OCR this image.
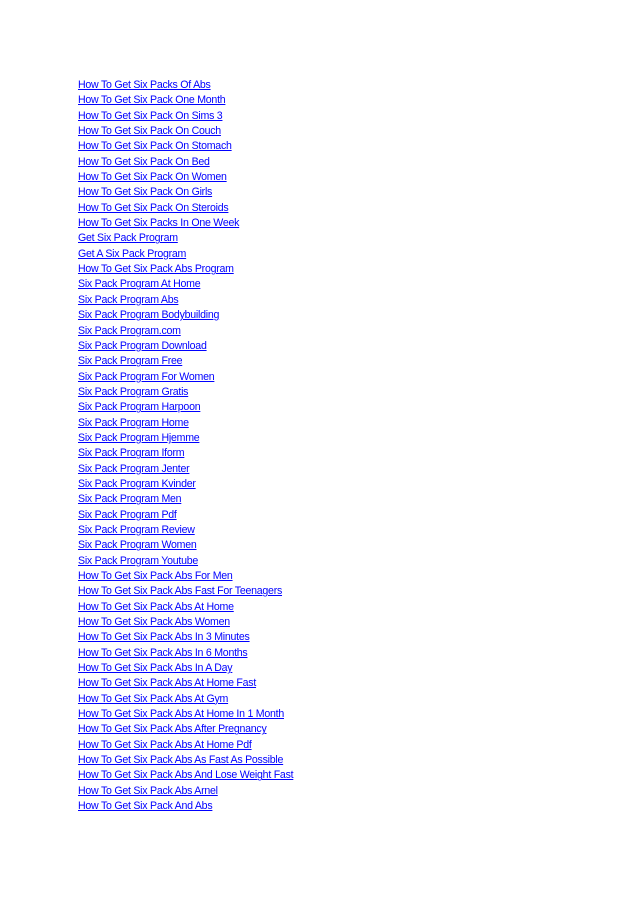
How To Get Six Packs Of Abs
How To Get Six Pack One Month
How To Get Six Pack On Sims 3
How To Get Six Pack On Couch
How To Get Six Pack On Stomach
How To Get Six Pack On Bed
How To Get Six Pack On Women
How To Get Six Pack On Girls
How To Get Six Pack On Steroids
How To Get Six Packs In One Week
Get Six Pack Program
Get A Six Pack Program
How To Get Six Pack Abs Program
Six Pack Program At Home
Six Pack Program Abs
Six Pack Program Bodybuilding
Six Pack Program.com
Six Pack Program Download
Six Pack Program Free
Six Pack Program For Women
Six Pack Program Gratis
Six Pack Program Harpoon
Six Pack Program Home
Six Pack Program Hjemme
Six Pack Program Iform
Six Pack Program Jenter
Six Pack Program Kvinder
Six Pack Program Men
Six Pack Program Pdf
Six Pack Program Review
Six Pack Program Women
Six Pack Program Youtube
How To Get Six Pack Abs For Men
How To Get Six Pack Abs Fast For Teenagers
How To Get Six Pack Abs At Home
How To Get Six Pack Abs Women
How To Get Six Pack Abs In 3 Minutes
How To Get Six Pack Abs In 6 Months
How To Get Six Pack Abs In A Day
How To Get Six Pack Abs At Home Fast
How To Get Six Pack Abs At Gym
How To Get Six Pack Abs At Home In 1 Month
How To Get Six Pack Abs After Pregnancy
How To Get Six Pack Abs At Home Pdf
How To Get Six Pack Abs As Fast As Possible
How To Get Six Pack Abs And Lose Weight Fast
How To Get Six Pack Abs Arnel
How To Get Six Pack And Abs
